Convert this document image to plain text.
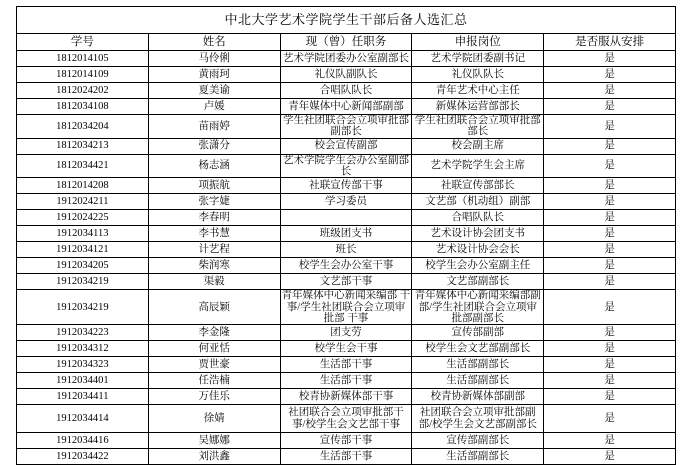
中北大学艺术学院学生干部后备人选汇总				
学号	姓名	现（曾）任职务	申报岗位	是否服从安排
1812014105	马伶俐	艺术学院团委办公室副部长	艺术学院团委副书记	是
1812014109	黄雨珂	礼仪队副队长	礼仪队队长	是
1812024202	夏美谕	合唱队队长	青年艺术中心主任	是
1812034108	卢媛	青年媒体中心新闻部副部	新媒体运营部部长	是
1812034204	苗雨婷	学生社团联合会立项审批部副部长	学生社团联合会立项审批部部长	是
1812034213	张潇分	校会宣传副部	校会副主席	是
1812034421	杨志涵	艺术学院学生会办公室副部长	艺术学院学生会主席	是
1812014208	项振航	社联宣传部干事	社联宣传部部长	是
1912024211	张字婕	学习委员	文艺部（机动组）副部	是
1912024225	李春明		合唱队队长	是
1912034113	李书慧	班级团支书	艺术设计协会团支书	是
1912034121	计艺程	班长	艺术设计协会会长	是
1912034205	柴润寒	校学生会办公室干事	校学生会办公室副主任	是
1912034219	渠毅	文艺部干事	文艺部副部长	是
1912034219	高辰颖	青年媒体中心新闻采编部 干事/学生社团联合会立项审批部 干事	青年媒体中心新闻采编部副部/学生社团联合会立项审批部副部长	是
1912034223	李金隆	团支劳	宣传部副部	是
1912034312	何亚恬	校学生会干事	校学生会文艺部副部长	是
1912034323	贾世豪	生活部干事	生活部副部长	是
1912034401	任浩楠	生活部干事	生活部副部长	是
1912034411	万佳乐	校青协新媒体部干事	校青协新媒体部副部	是
1912034414	徐婧	社团联合会立项审批部干事/校学生会文艺部干事	社团联合会立项审批部副部/校学生会文艺部副部长	是
1912034416	吴娜娜	宣传部干事	宣传部副部长	是
1912034422	刘洪鑫	生活部干事	生活部副部长	是
